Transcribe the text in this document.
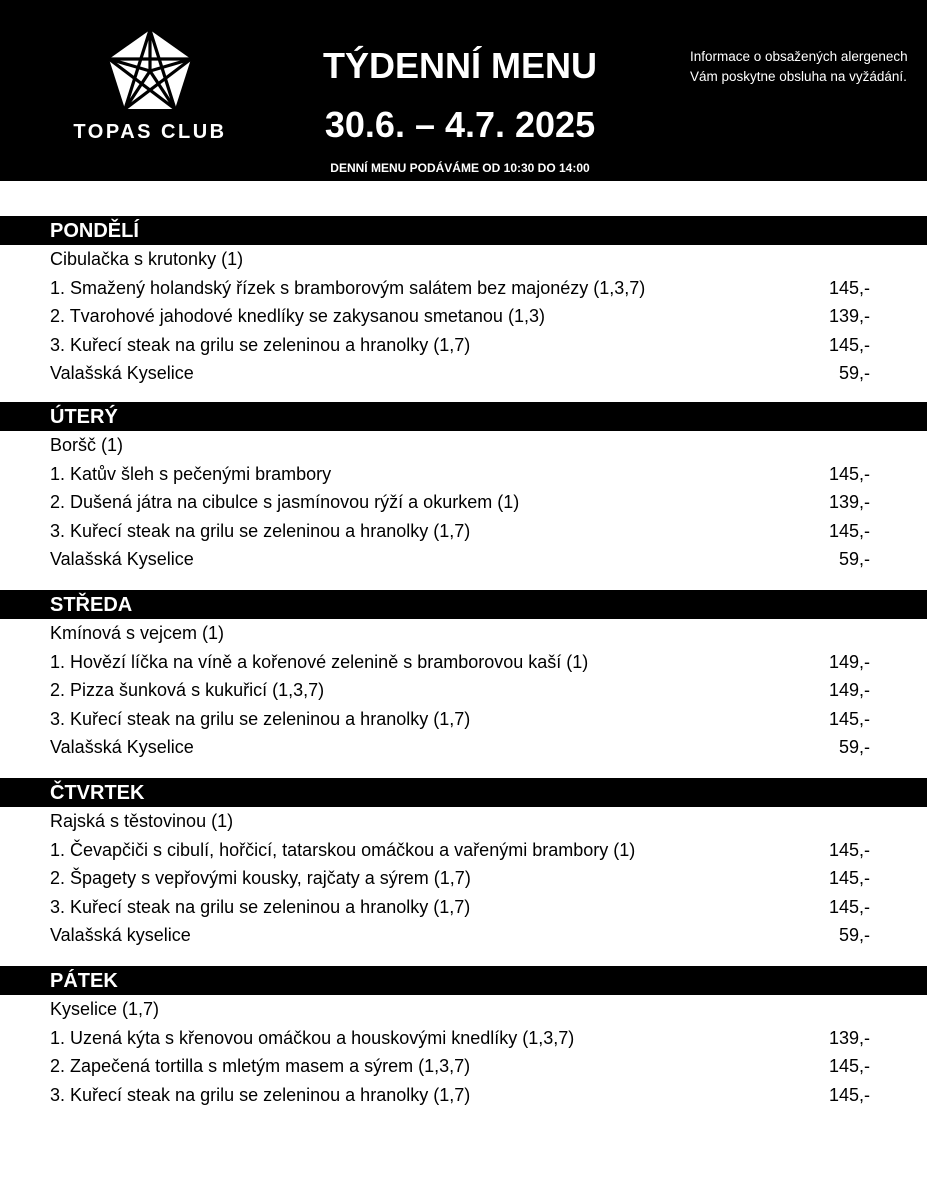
TOPAS CLUB
TÝDENNÍ MENU
30.6. – 4.7. 2025
DENNÍ MENU PODÁVÁME OD 10:30 DO 14:00
Informace o obsažených alergenech Vám poskytne obsluha na vyžádání.
PONDĚLÍ
Cibulačka s krutonky (1)
1. Smažený holandský řízek s bramborovým salátem bez majonézy (1,3,7)	145,-
2. Tvarohové jahodové knedlíky se zakysanou smetanou (1,3)	139,-
3. Kuřecí steak na grilu se zeleninou a hranolky (1,7)	145,-
Valašská Kyselice	59,-
ÚTERÝ
Boršč (1)
1. Katův šleh s pečenými brambory	145,-
2. Dušená játra na cibulce s jasmínovou rýží a okurkem (1)	139,-
3. Kuřecí steak na grilu se zeleninou a hranolky (1,7)	145,-
Valašská Kyselice	59,-
STŘEDA
Kmínová s vejcem (1)
1. Hovězí líčka na víně a kořenové zelenině s bramborovou kaší (1)	149,-
2. Pizza šunková s kukuřicí (1,3,7)	149,-
3. Kuřecí steak na grilu se zeleninou a hranolky (1,7)	145,-
Valašská Kyselice	59,-
ČTVRTEK
Rajská s těstovinou (1)
1. Čevapčiči s cibulí, hořčicí, tatarskou omáčkou a vařenými brambory (1)	145,-
2. Špagety s vepřovými kousky, rajčaty a sýrem (1,7)	145,-
3. Kuřecí steak na grilu se zeleninou a hranolky (1,7)	145,-
Valašská kyselice	59,-
PÁTEK
Kyselice (1,7)
1. Uzená kýta s křenovou omáčkou a houskovými knedlíky (1,3,7)	139,-
2. Zapečená tortilla s mletým masem a sýrem (1,3,7)	145,-
3. Kuřecí steak na grilu se zeleninou a hranolky (1,7)	145,-
